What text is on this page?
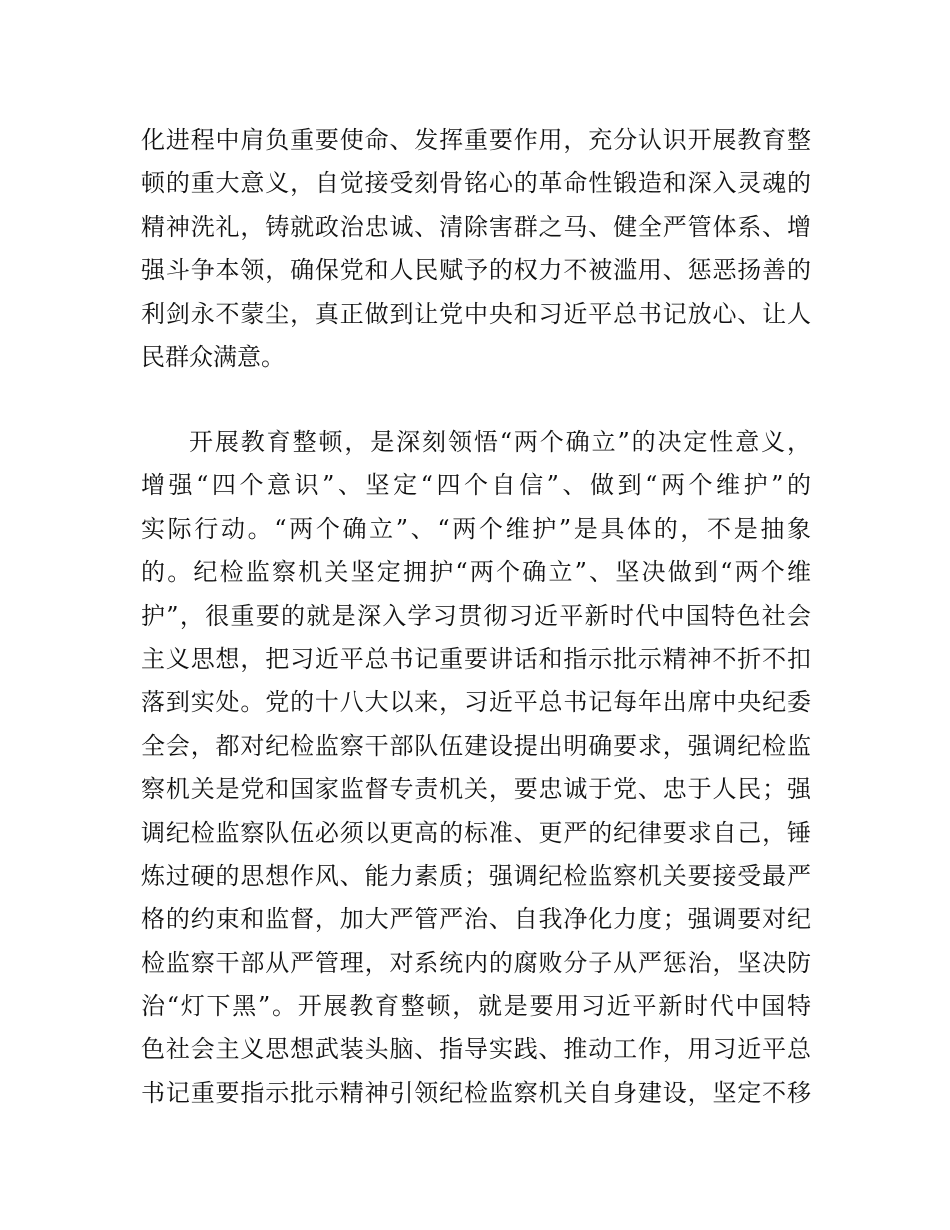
化进程中肩负重要使命、发挥重要作用，充分认识开展教育整
顿的重大意义，自觉接受刻骨铭心的革命性锻造和深入灵魂的
精神洗礼，铸就政治忠诚、清除害群之马、健全严管体系、增
强斗争本领，确保党和人民赋予的权力不被滥用、惩恶扬善的
利剑永不蒙尘，真正做到让党中央和习近平总书记放心、让人
民群众满意。
开展教育整顿，是深刻领悟“两个确立”的决定性意义，
增强“四个意识”、坚定“四个自信”、做到“两个维护”的
实际行动。“两个确立”、“两个维护”是具体的，不是抽象
的。纪检监察机关坚定拥护“两个确立”、坚决做到“两个维
护”，很重要的就是深入学习贯彻习近平新时代中国特色社会
主义思想，把习近平总书记重要讲话和指示批示精神不折不扣
落到实处。党的十八大以来，习近平总书记每年出席中央纪委
全会，都对纪检监察干部队伍建设提出明确要求，强调纪检监
察机关是党和国家监督专责机关，要忠诚于党、忠于人民；强
调纪检监察队伍必须以更高的标准、更严的纪律要求自己，锤
炼过硬的思想作风、能力素质；强调纪检监察机关要接受最严
格的约束和监督，加大严管严治、自我净化力度；强调要对纪
检监察干部从严管理，对系统内的腐败分子从严惩治，坚决防
治“灯下黑”。开展教育整顿，就是要用习近平新时代中国特
色社会主义思想武装头脑、指导实践、推动工作，用习近平总
书记重要指示批示精神引领纪检监察机关自身建设，坚定不移
